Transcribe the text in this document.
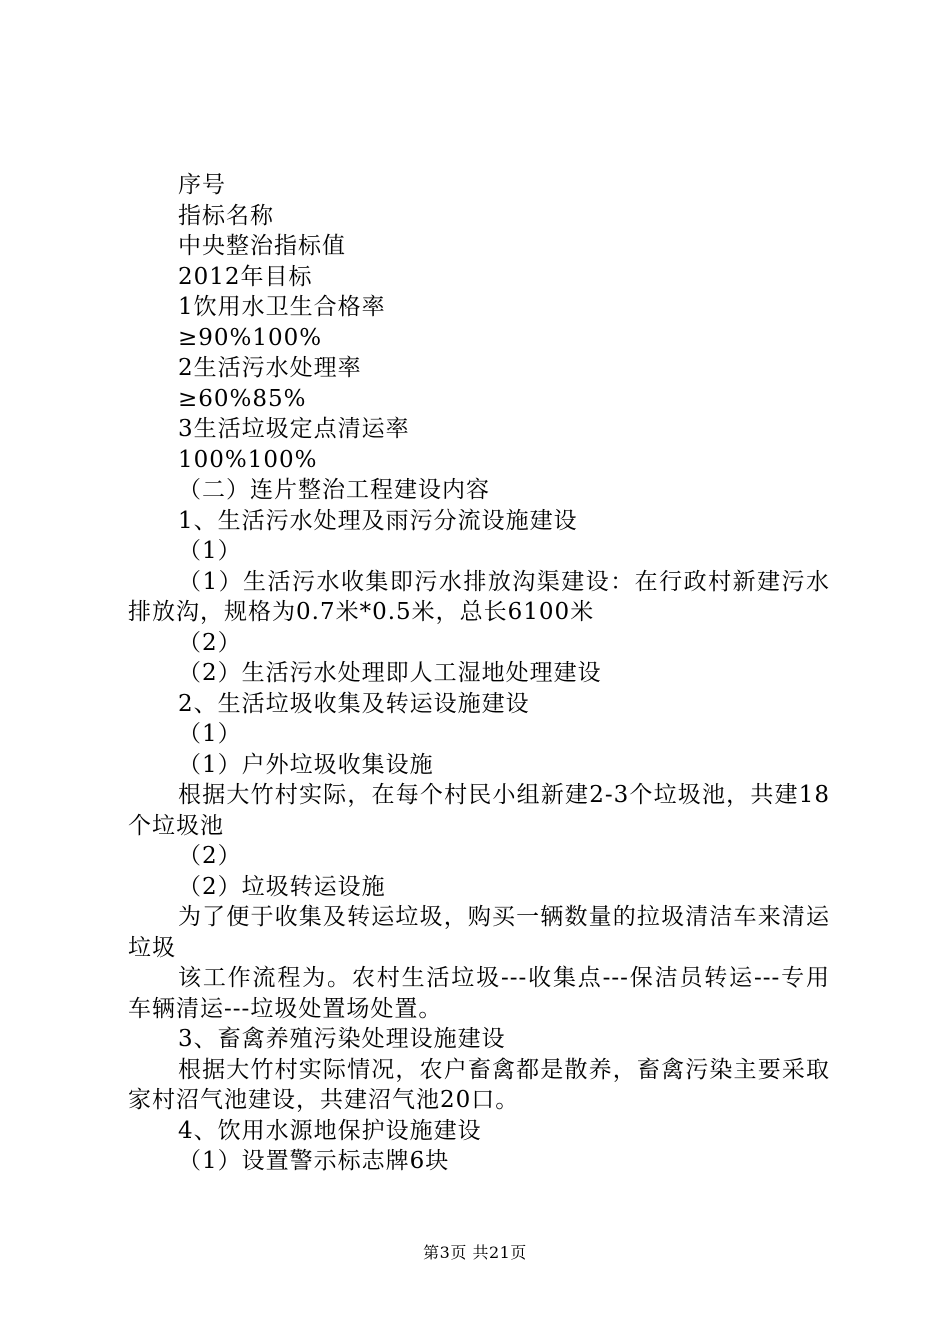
序号
指标名称
中央整治指标值
2012年目标
1饮用水卫生合格率
≥90%100%
2生活污水处理率
≥60%85%
3生活垃圾定点清运率
100%100%
（二）连片整治工程建设内容
1、生活污水处理及雨污分流设施建设
（1）
（1）生活污水收集即污水排放沟渠建设：在行政村新建污水排放沟，规格为0.7米*0.5米，总长6100米
（2）
（2）生活污水处理即人工湿地处理建设
2、生活垃圾收集及转运设施建设
（1）
（1）户外垃圾收集设施
根据大竹村实际，在每个村民小组新建2-3个垃圾池，共建18个垃圾池
（2）
（2）垃圾转运设施
为了便于收集及转运垃圾，购买一辆数量的拉圾清洁车来清运垃圾
该工作流程为。农村生活垃圾---收集点---保洁员转运---专用车辆清运---垃圾处置场处置。
3、畜禽养殖污染处理设施建设
根据大竹村实际情况，农户畜禽都是散养，畜禽污染主要采取家村沼气池建设，共建沼气池20口。
4、饮用水源地保护设施建设
（1）设置警示标志牌6块
第3页 共21页
